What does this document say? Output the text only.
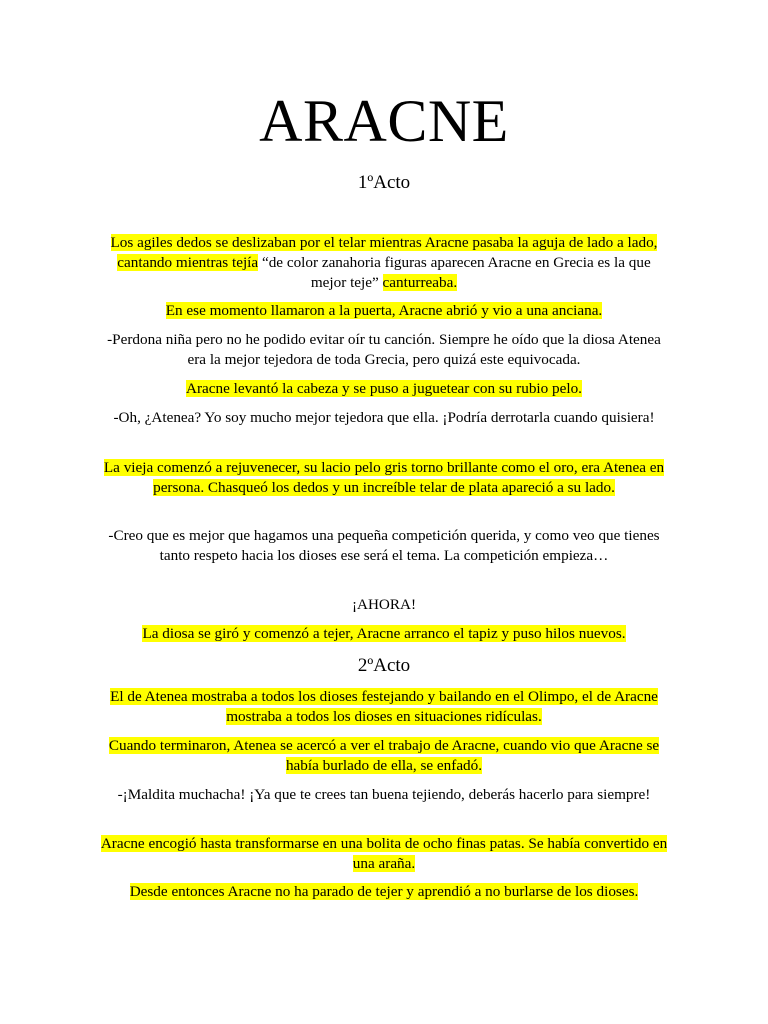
ARACNE
1ºActo
Los agiles dedos se deslizaban por el telar mientras Aracne pasaba la aguja de lado a lado, cantando mientras tejía “de color zanahoria figuras aparecen Aracne en Grecia es la que mejor teje” canturreaba.
En ese momento llamaron a la puerta, Aracne abrió y vio a una anciana.
-Perdona niña pero no he podido evitar oír tu canción. Siempre he oído que la diosa Atenea era la mejor tejedora de toda Grecia, pero quizá este equivocada.
Aracne levantó la cabeza y se puso a juguetear con su rubio pelo.
-Oh, ¿Atenea? Yo soy mucho mejor tejedora que ella. ¡Podría derrotarla cuando quisiera!
La vieja comenzó a rejuvenecer, su lacio pelo gris torno brillante como el oro, era Atenea en persona. Chasqueó los dedos y un increíble telar de plata apareció a su lado.
-Creo que es mejor que hagamos una pequeña competición querida, y como veo que tienes tanto respeto hacia los dioses ese será el tema. La competición empieza…
¡AHORA!
La diosa se giró y comenzó a tejer, Aracne arranco el tapiz y puso hilos nuevos.
2ºActo
El de Atenea mostraba a todos los dioses festejando y bailando en el Olimpo, el de Aracne mostraba a todos los dioses en situaciones ridículas.
Cuando terminaron, Atenea se acercó a ver el trabajo de Aracne, cuando vio que Aracne se había burlado de ella, se enfadó.
-¡Maldita muchacha! ¡Ya que te crees tan buena tejiendo, deberás hacerlo para siempre!
Aracne encogió hasta transformarse en una bolita de ocho finas patas. Se había convertido en una araña.
Desde entonces Aracne no ha parado de tejer y aprendió a no burlarse de los dioses.
